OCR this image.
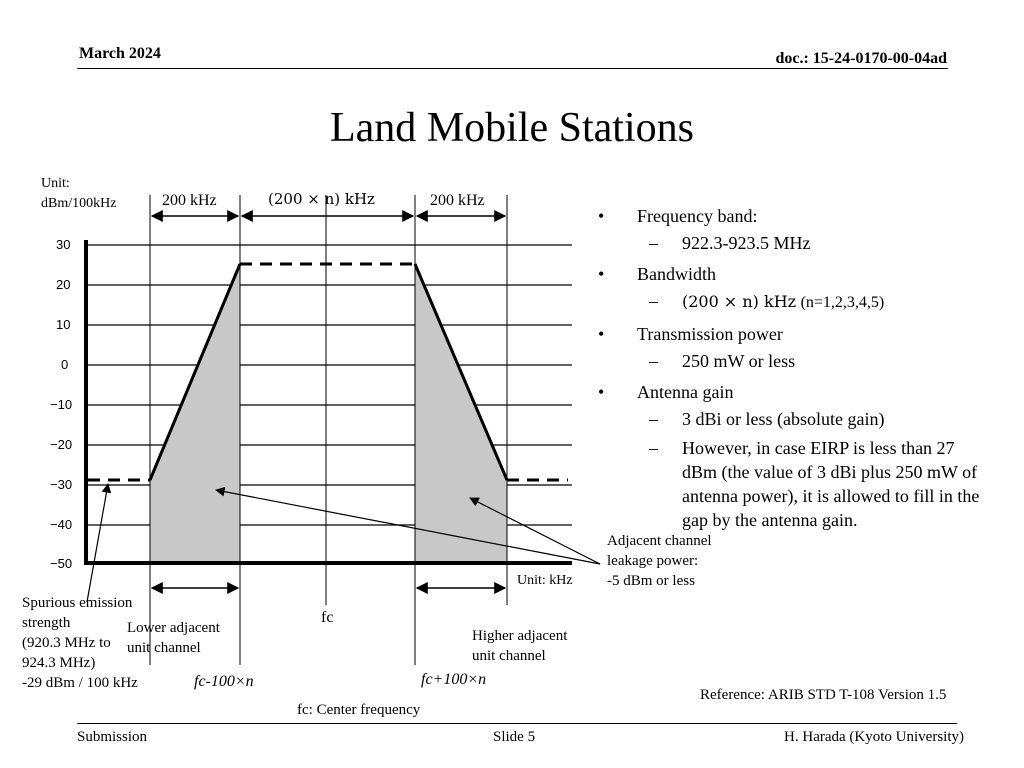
March 2024	doc.: 15-24-0170-00-04ad
Land Mobile Stations
Unit:
dBm/100kHz
30
20
10
0
−10
−20
−30
−40
−50
200 kHz	(200 × n) kHz	200 kHz
Unit: kHz
fc
fc-100×n	fc+100×n
fc: Center frequency
Lower adjacent
unit channel
Higher adjacent
unit channel
Spurious emission
strength
(920.3 MHz to
924.3 MHz)
-29 dBm / 100 kHz
Adjacent channel
leakage power:
-5 dBm or less
• Frequency band:
– 922.3-923.5 MHz
• Bandwidth
– (200 × n) kHz (n=1,2,3,4,5)
• Transmission power
– 250 mW or less
• Antenna gain
– 3 dBi or less (absolute gain)
– However, in case EIRP is less than 27 dBm (the value of 3 dBi plus 250 mW of antenna power), it is allowed to fill in the gap by the antenna gain.
Reference: ARIB STD T-108 Version 1.5
Submission	Slide 5	H. Harada (Kyoto University)
